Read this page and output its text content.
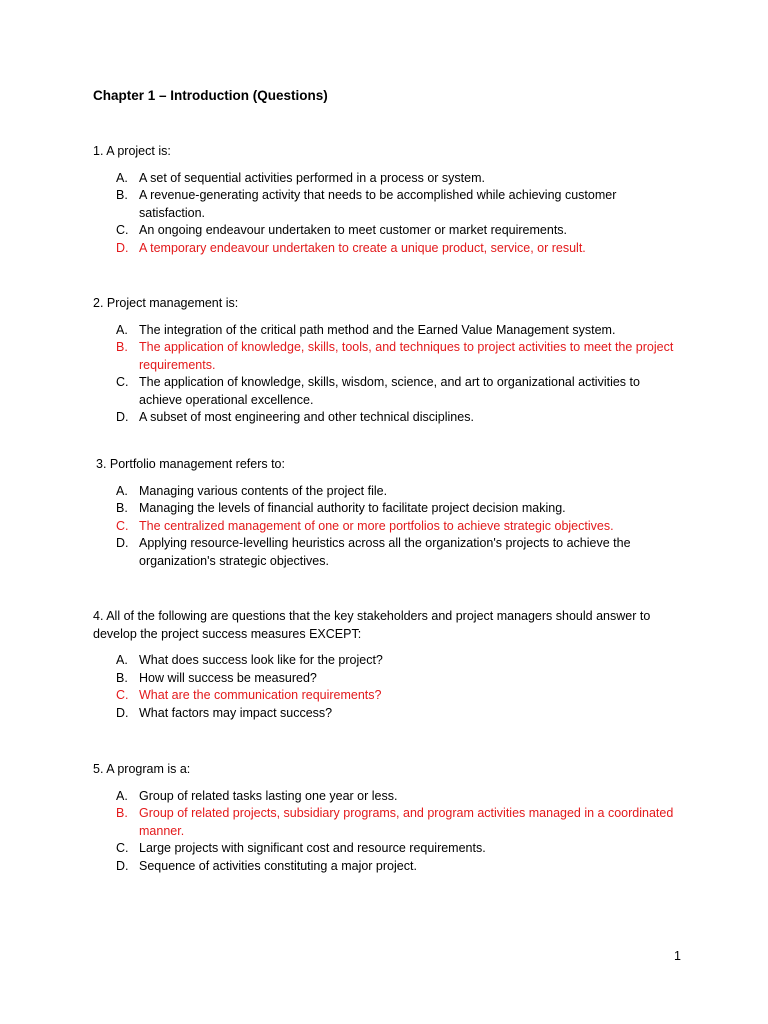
Chapter 1 – Introduction (Questions)

1. A project is:

A. A set of sequential activities performed in a process or system.
B. A revenue-generating activity that needs to be accomplished while achieving customer satisfaction.
C. An ongoing endeavour undertaken to meet customer or market requirements.
D. A temporary endeavour undertaken to create a unique product, service, or result.

2. Project management is:

A. The integration of the critical path method and the Earned Value Management system.
B. The application of knowledge, skills, tools, and techniques to project activities to meet the project requirements.
C. The application of knowledge, skills, wisdom, science, and art to organizational activities to achieve operational excellence.
D. A subset of most engineering and other technical disciplines.

3. Portfolio management refers to:

A. Managing various contents of the project file.
B. Managing the levels of financial authority to facilitate project decision making.
C. The centralized management of one or more portfolios to achieve strategic objectives.
D. Applying resource-levelling heuristics across all the organization's projects to achieve the organization's strategic objectives.

4. All of the following are questions that the key stakeholders and project managers should answer to develop the project success measures EXCEPT:

A. What does success look like for the project?
B. How will success be measured?
C. What are the communication requirements?
D. What factors may impact success?

5. A program is a:

A. Group of related tasks lasting one year or less.
B. Group of related projects, subsidiary programs, and program activities managed in a coordinated manner.
C. Large projects with significant cost and resource requirements.
D. Sequence of activities constituting a major project.
1
